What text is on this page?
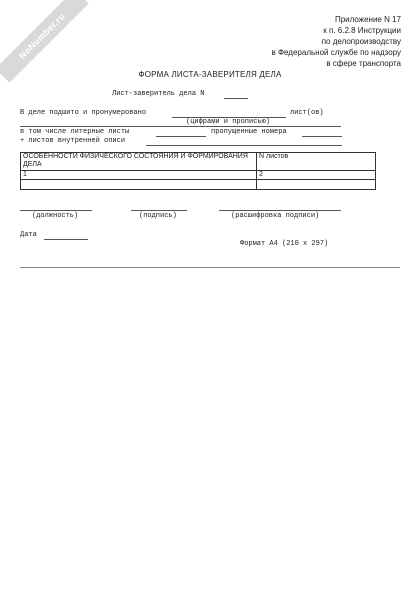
NoNumber.ru	Приложение N 17
к п. 6.2.8 Инструкции
по делопроизводству
в Федеральной службе по надзору
в сфере транспорта
ФОРМА ЛИСТА-ЗАВЕРИТЕЛЯ ДЕЛА
Лист-заверитель дела N
В деле подшито и пронумеровано	лист(ов)
(цифрами и прописью)
в том числе литерные листы	пропущенные номера
+ листов внутренней описи
ОСОБЕННОСТИ ФИЗИЧЕСКОГО СОСТОЯНИЯ И ФОРМИРОВАНИЯ ДЕЛА	N листов
1	2

(должность)	(подпись)	(расшифровка подписи)
Дата
Формат А4 (210 х 297)
